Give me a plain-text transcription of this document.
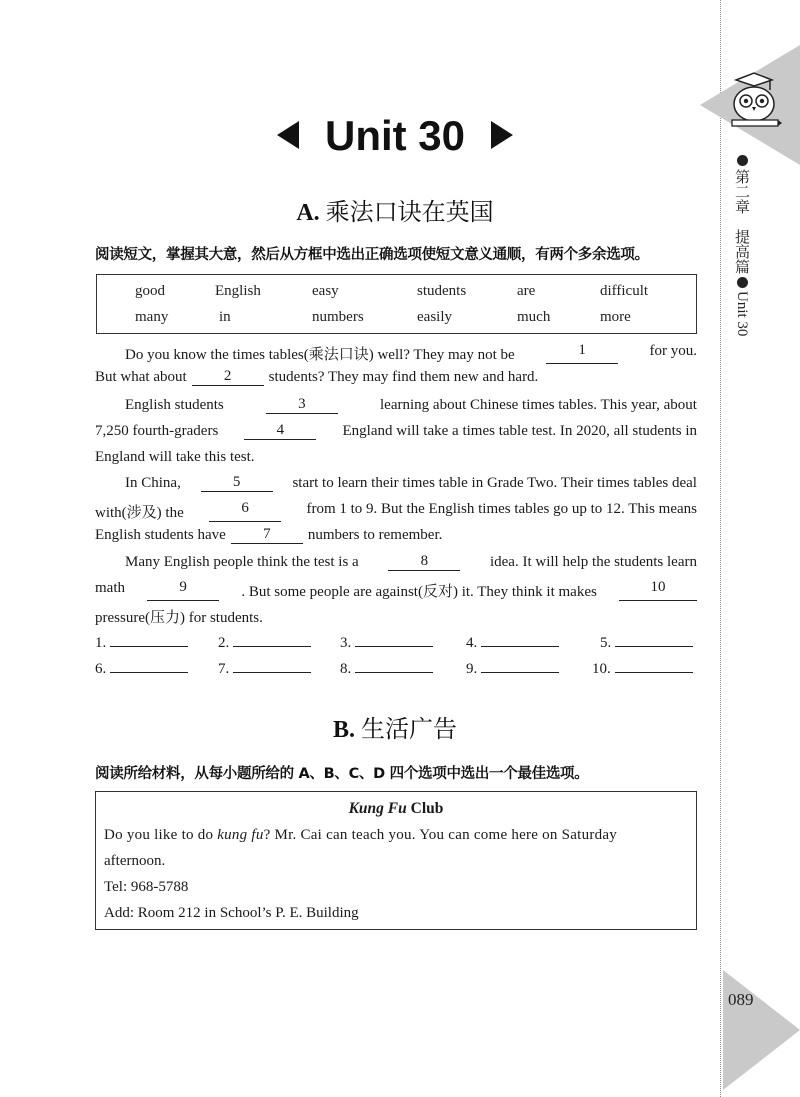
第二章　提高篇Unit 30
089
Unit 30
A. 乘法口诀在英国
阅读短文，掌握其大意，然后从方框中选出正确选项使短文意义通顺，有两个多余选项。
good	English	easy	students	are	difficult
many	in	numbers	easily	much	more
Do you know the times tables(乘法口诀) well? They may not be	1	for you.
But what about	2	students? They may find them new and hard.
English students	3	learning about Chinese times tables. This year, about
7,250 fourth-graders	4	England will take a times table test. In 2020, all students in
England will take this test.
In China,	5	start to learn their times table in Grade Two. Their times tables deal
with(涉及) the	6	from 1 to 9. But the English times tables go up to 12. This means
English students have	7	numbers to remember.
Many English people think the test is a	8	idea. It will help the students learn
math	9	. But some people are against(反对) it. They think it makes	10
pressure(压力) for students.
1.	2.	3.	4.	5.
6.	7.	8.	9.	10.
B. 生活广告
阅读所给材料，从每小题所给的 A、B、C、D 四个选项中选出一个最佳选项。
Kung Fu Club
Do you like to do kung fu? Mr. Cai can teach you. You can come here on Saturday
afternoon.
Tel: 968-5788
Add: Room 212 in School’s P. E. Building
